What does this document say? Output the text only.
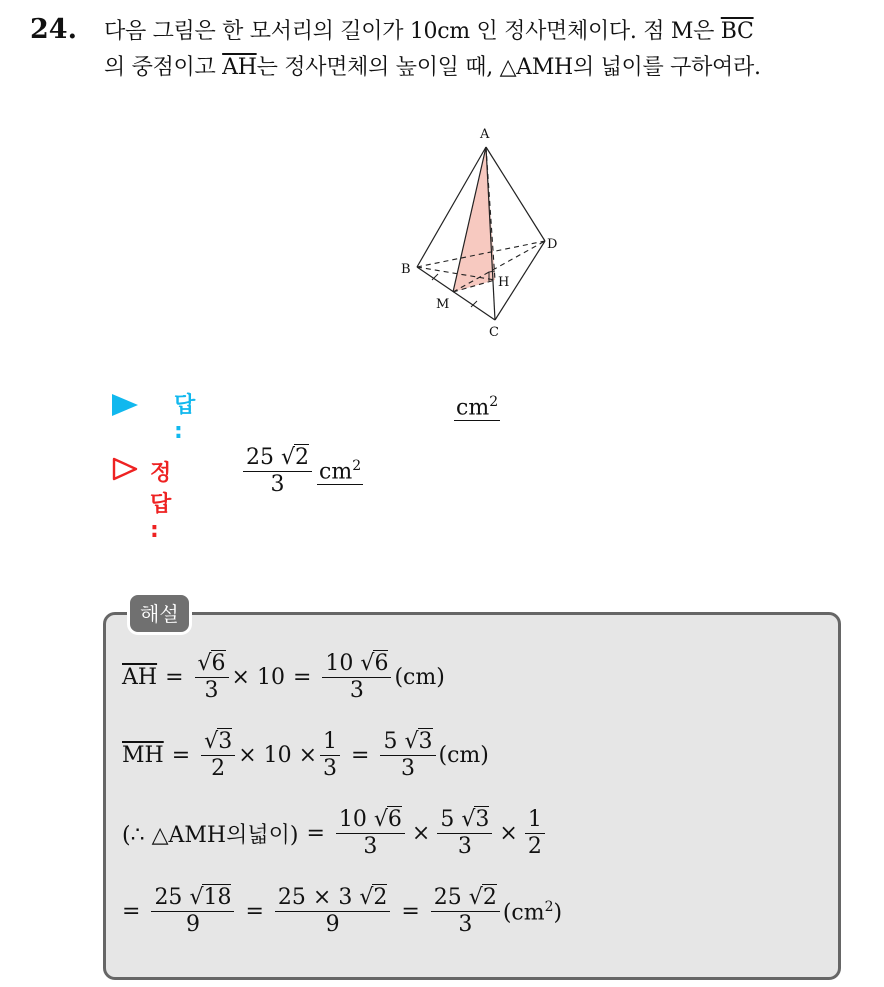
24. 다음 그림은 한 모서리의 길이가 10cm 인 정사면체이다. 점 M은 $\overline{BC}$
의 중점이고 $\overline{AH}$는 정사면체의 높이일 때, △AMH의 넓이를 구하여라.
A
B
C
D
H
M
답 :
$cm^2$
정답 :
$\frac{25 √2}{3} cm^2$
해설
$\overline{AH} = \frac{√6}{3} \times 10 = \frac{10 √6}{3} (cm)$
$\overline{MH} = \frac{√3}{2} \times 10 \times \frac{1}{3} = \frac{5 √3}{3} (cm)$
(∴ △AMH의넓이) = $\frac{10 √6}{3} \times \frac{5 √3}{3} \times \frac{1}{2}$
= $\frac{25 √18}{9} = \frac{25 \times 3 √2}{9} = \frac{25 √2}{3} (cm^2)$
